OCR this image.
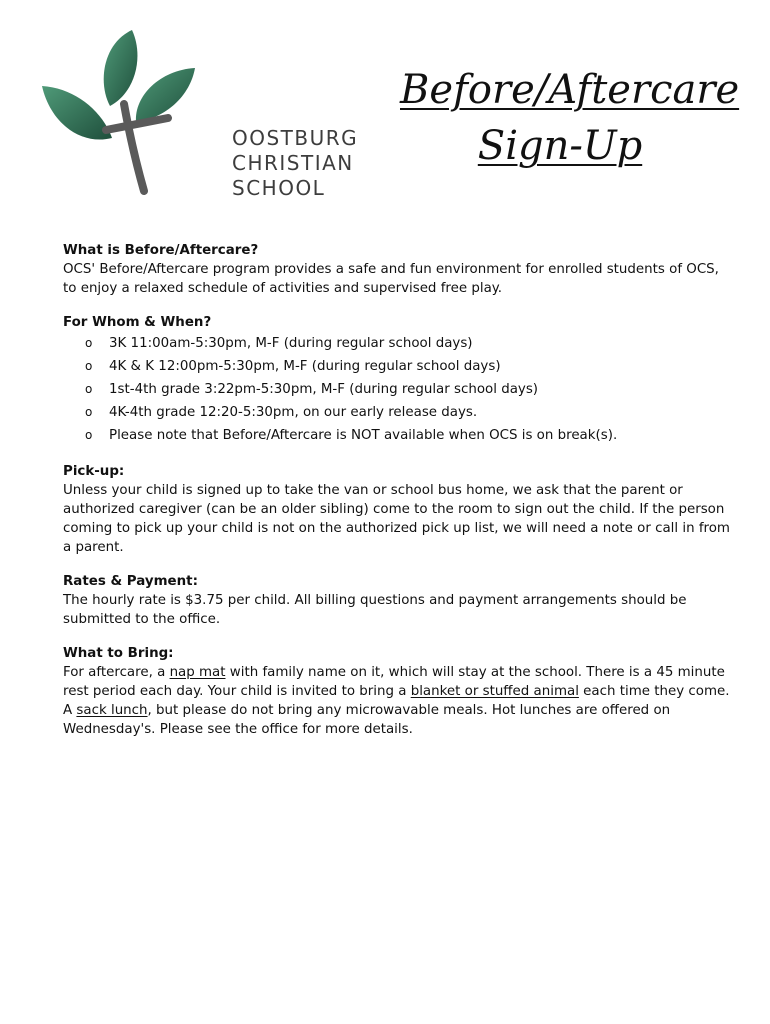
OOSTBURG
CHRISTIAN
SCHOOL
Before/Aftercare
Sign-Up

What is Before/Aftercare?

OCS' Before/Aftercare program provides a safe and fun environment for enrolled students of OCS, to enjoy a relaxed schedule of activities and supervised free play.

For Whom & When?

o 3K 11:00am-5:30pm, M-F (during regular school days)
o 4K & K 12:00pm-5:30pm, M-F (during regular school days)
o 1st-4th grade 3:22pm-5:30pm, M-F (during regular school days)
o 4K-4th grade 12:20-5:30pm, on our early release days.
o Please note that Before/Aftercare is NOT available when OCS is on break(s).

Pick-up:

Unless your child is signed up to take the van or school bus home, we ask that the parent or authorized caregiver (can be an older sibling) come to the room to sign out the child. If the person coming to pick up your child is not on the authorized pick up list, we will need a note or call in from a parent.

Rates & Payment:

The hourly rate is $3.75 per child. All billing questions and payment arrangements should be submitted to the office.

What to Bring:

For aftercare, a nap mat with family name on it, which will stay at the school. There is a 45 minute rest period each day. Your child is invited to bring a blanket or stuffed animal each time they come. A sack lunch, but please do not bring any microwavable meals. Hot lunches are offered on Wednesday's. Please see the office for more details.
